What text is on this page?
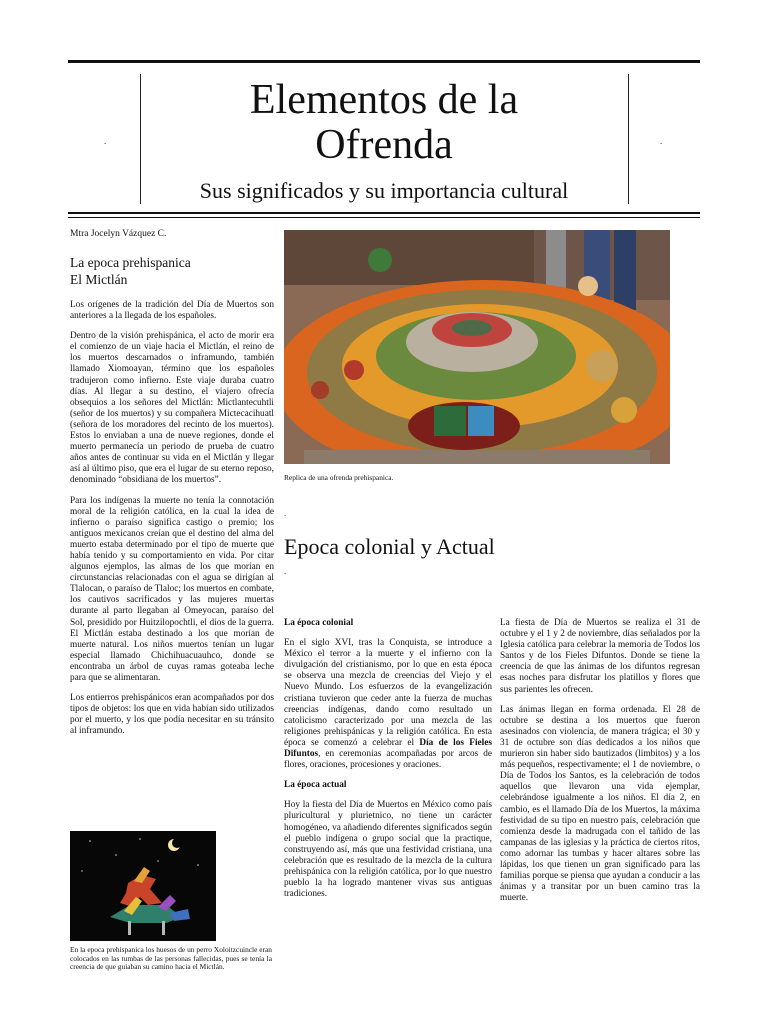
.	.
Elementos de la
Ofrenda
Sus significados y su importancia cultural
Mtra Jocelyn Vázquez C.
La epoca prehispanica
El Mictlán

Los orígenes de la tradición del Día de Muertos son anteriores a la llegada de los españoles.

Dentro de la visión prehispánica, el acto de morir era el comienzo de un viaje hacia el Mictlán, el reino de los muertos descarnados o inframundo, también llamado Xiomoayan, término que los españoles tradujeron como infierno. Este viaje duraba cuatro días. Al llegar a su destino, el viajero ofrecía obsequios a los señores del Mictlán: Mictlantecuhtli (señor de los muertos) y su compañera Mictecacihuatl (señora de los moradores del recinto de los muertos). Estos lo enviaban a una de nueve regiones, donde el muerto permanecía un periodo de prueba de cuatro años antes de continuar su vida en el Mictlán y llegar así al último piso, que era el lugar de su eterno reposo, denominado “obsidiana de los muertos”.

Para los indígenas la muerte no tenía la connotación moral de la religión católica, en la cual la idea de infierno o paraíso significa castigo o premio; los antiguos mexicanos creían que el destino del alma del muerto estaba determinado por el tipo de muerte que había tenido y su comportamiento en vida. Por citar algunos ejemplos, las almas de los que morían en circunstancias relacionadas con el agua se dirigían al Tlalocan, o paraíso de Tlaloc; los muertos en combate, los cautivos sacrificados y las mujeres muertas durante al parto llegaban al Omeyocan, paraíso del Sol, presidido por Huitzilopochtli, el dios de la guerra. El Mictlán estaba destinado a los que morían de muerte natural. Los niños muertos tenían un lugar especial llamado Chichihuacuauhco, donde se encontraba un árbol de cuyas ramas goteaba leche para que se alimentaran.

Los entierros prehispánicos eran acompañados por dos tipos de objetos: los que en vida habían sido utilizados por el muerto, y los que podía necesitar en su tránsito al inframundo.

En la epoca prehispanica los huesos de un perro Xoloitzcuincle eran colocados en las tumbas de las personas fallecidas, pues se tenía la creencia de que guiaban su camino hacia el Mictlán.
Replica de una ofrenda prehispanica.
.
Epoca colonial y Actual
.

La época colonial

En el siglo XVI, tras la Conquista, se introduce a México el terror a la muerte y el infierno con la divulgación del cristianismo, por lo que en esta época se observa una mezcla de creencias del Viejo y el Nuevo Mundo. Los esfuerzos de la evangelización cristiana tuvieron que ceder ante la fuerza de muchas creencias indígenas, dando como resultado un catolicismo caracterizado por una mezcla de las religiones prehispánicas y la religión católica. En esta época se comenzó a celebrar el Día de los Fieles Difuntos, en ceremonias acompañadas por arcos de flores, oraciones, procesiones y oraciones.

La época actual

Hoy la fiesta del Día de Muertos en México como país pluricultural y plurietnico, no tiene un carácter homogéneo, va añadiendo diferentes significados según el pueblo indígena o grupo social que la practique, construyendo así, más que una festividad cristiana, una celebración que es resultado de la mezcla de la cultura prehispánica con la religión católica, por lo que nuestro pueblo la ha logrado mantener vivas sus antiguas tradiciones.

La fiesta de Día de Muertos se realiza el 31 de octubre y el 1 y 2 de noviembre, días señalados por la Iglesia católica para celebrar la memoria de Todos los Santos y de los Fieles Difuntos. Donde se tiene la creencia de que las ánimas de los difuntos regresan esas noches para disfrutar los platillos y flores que sus parientes les ofrecen.

Las ánimas llegan en forma ordenada. El 28 de octubre se destina a los muertos que fueron asesinados con violencia, de manera trágica; el 30 y 31 de octubre son días dedicados a los niños que murieron sin haber sido bautizados (limbitos) y a los más pequeños, respectivamente; el 1 de noviembre, o Día de Todos los Santos, es la celebración de todos aquellos que llevaron una vida ejemplar, celebrándose igualmente a los niños. El día 2, en cambio, es el llamado Día de los Muertos, la máxima festividad de su tipo en nuestro país, celebración que comienza desde la madrugada con el tañido de las campanas de las iglesias y la práctica de ciertos ritos, como adornar las tumbas y hacer altares sobre las lápidas, los que tienen un gran significado para las familias porque se piensa que ayudan a conducir a las ánimas y a transitar por un buen camino tras la muerte.
